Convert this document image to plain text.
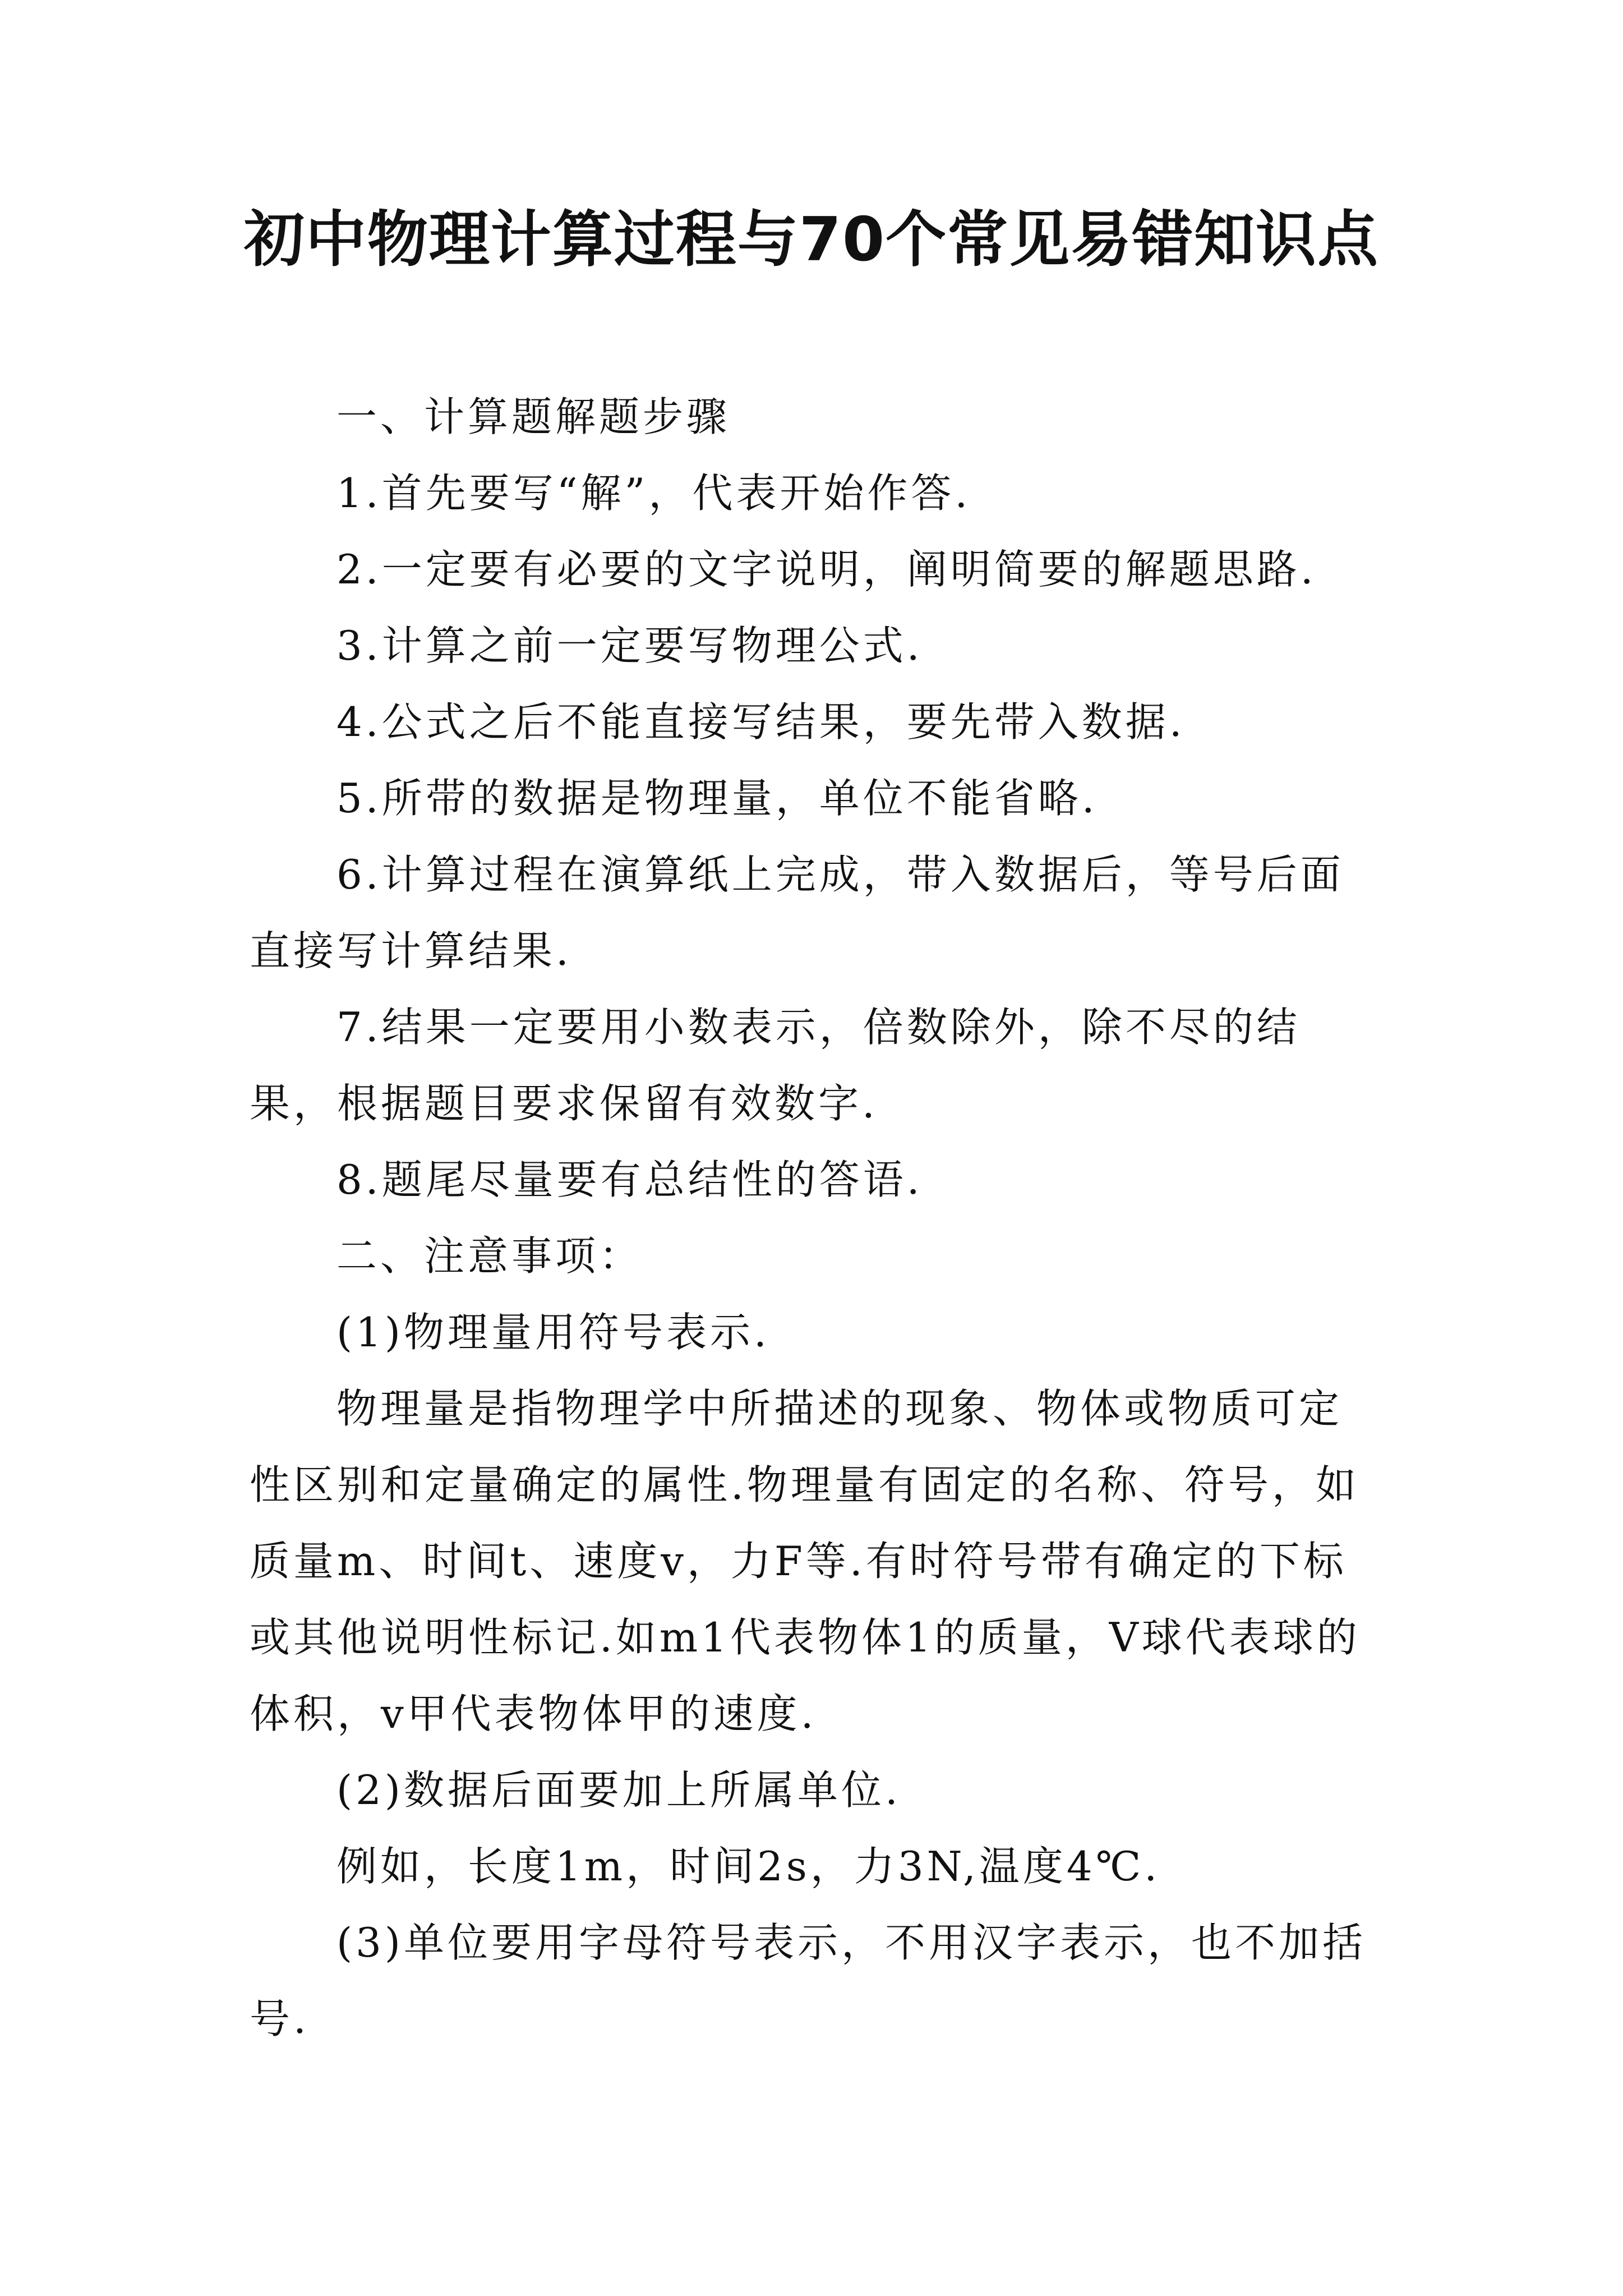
初中物理计算过程与70个常见易错知识点

一、计算题解题步骤

1.首先要写“解”，代表开始作答.

2.一定要有必要的文字说明，阐明简要的解题思路.

3.计算之前一定要写物理公式.

4.公式之后不能直接写结果，要先带入数据.

5.所带的数据是物理量，单位不能省略.

6.计算过程在演算纸上完成，带入数据后，等号后面直接写计算结果.

7.结果一定要用小数表示，倍数除外，除不尽的结果，根据题目要求保留有效数字.

8.题尾尽量要有总结性的答语.

二、注意事项：

(1)物理量用符号表示.

物理量是指物理学中所描述的现象、物体或物质可定性区别和定量确定的属性.物理量有固定的名称、符号，如质量m、时间t、速度v，力F等.有时符号带有确定的下标或其他说明性标记.如m1代表物体1的质量，V球代表球的体积，v甲代表物体甲的速度.

(2)数据后面要加上所属单位.

例如，长度1m，时间2s，力3N,温度4℃.

(3)单位要用字母符号表示，不用汉字表示，也不加括号.
